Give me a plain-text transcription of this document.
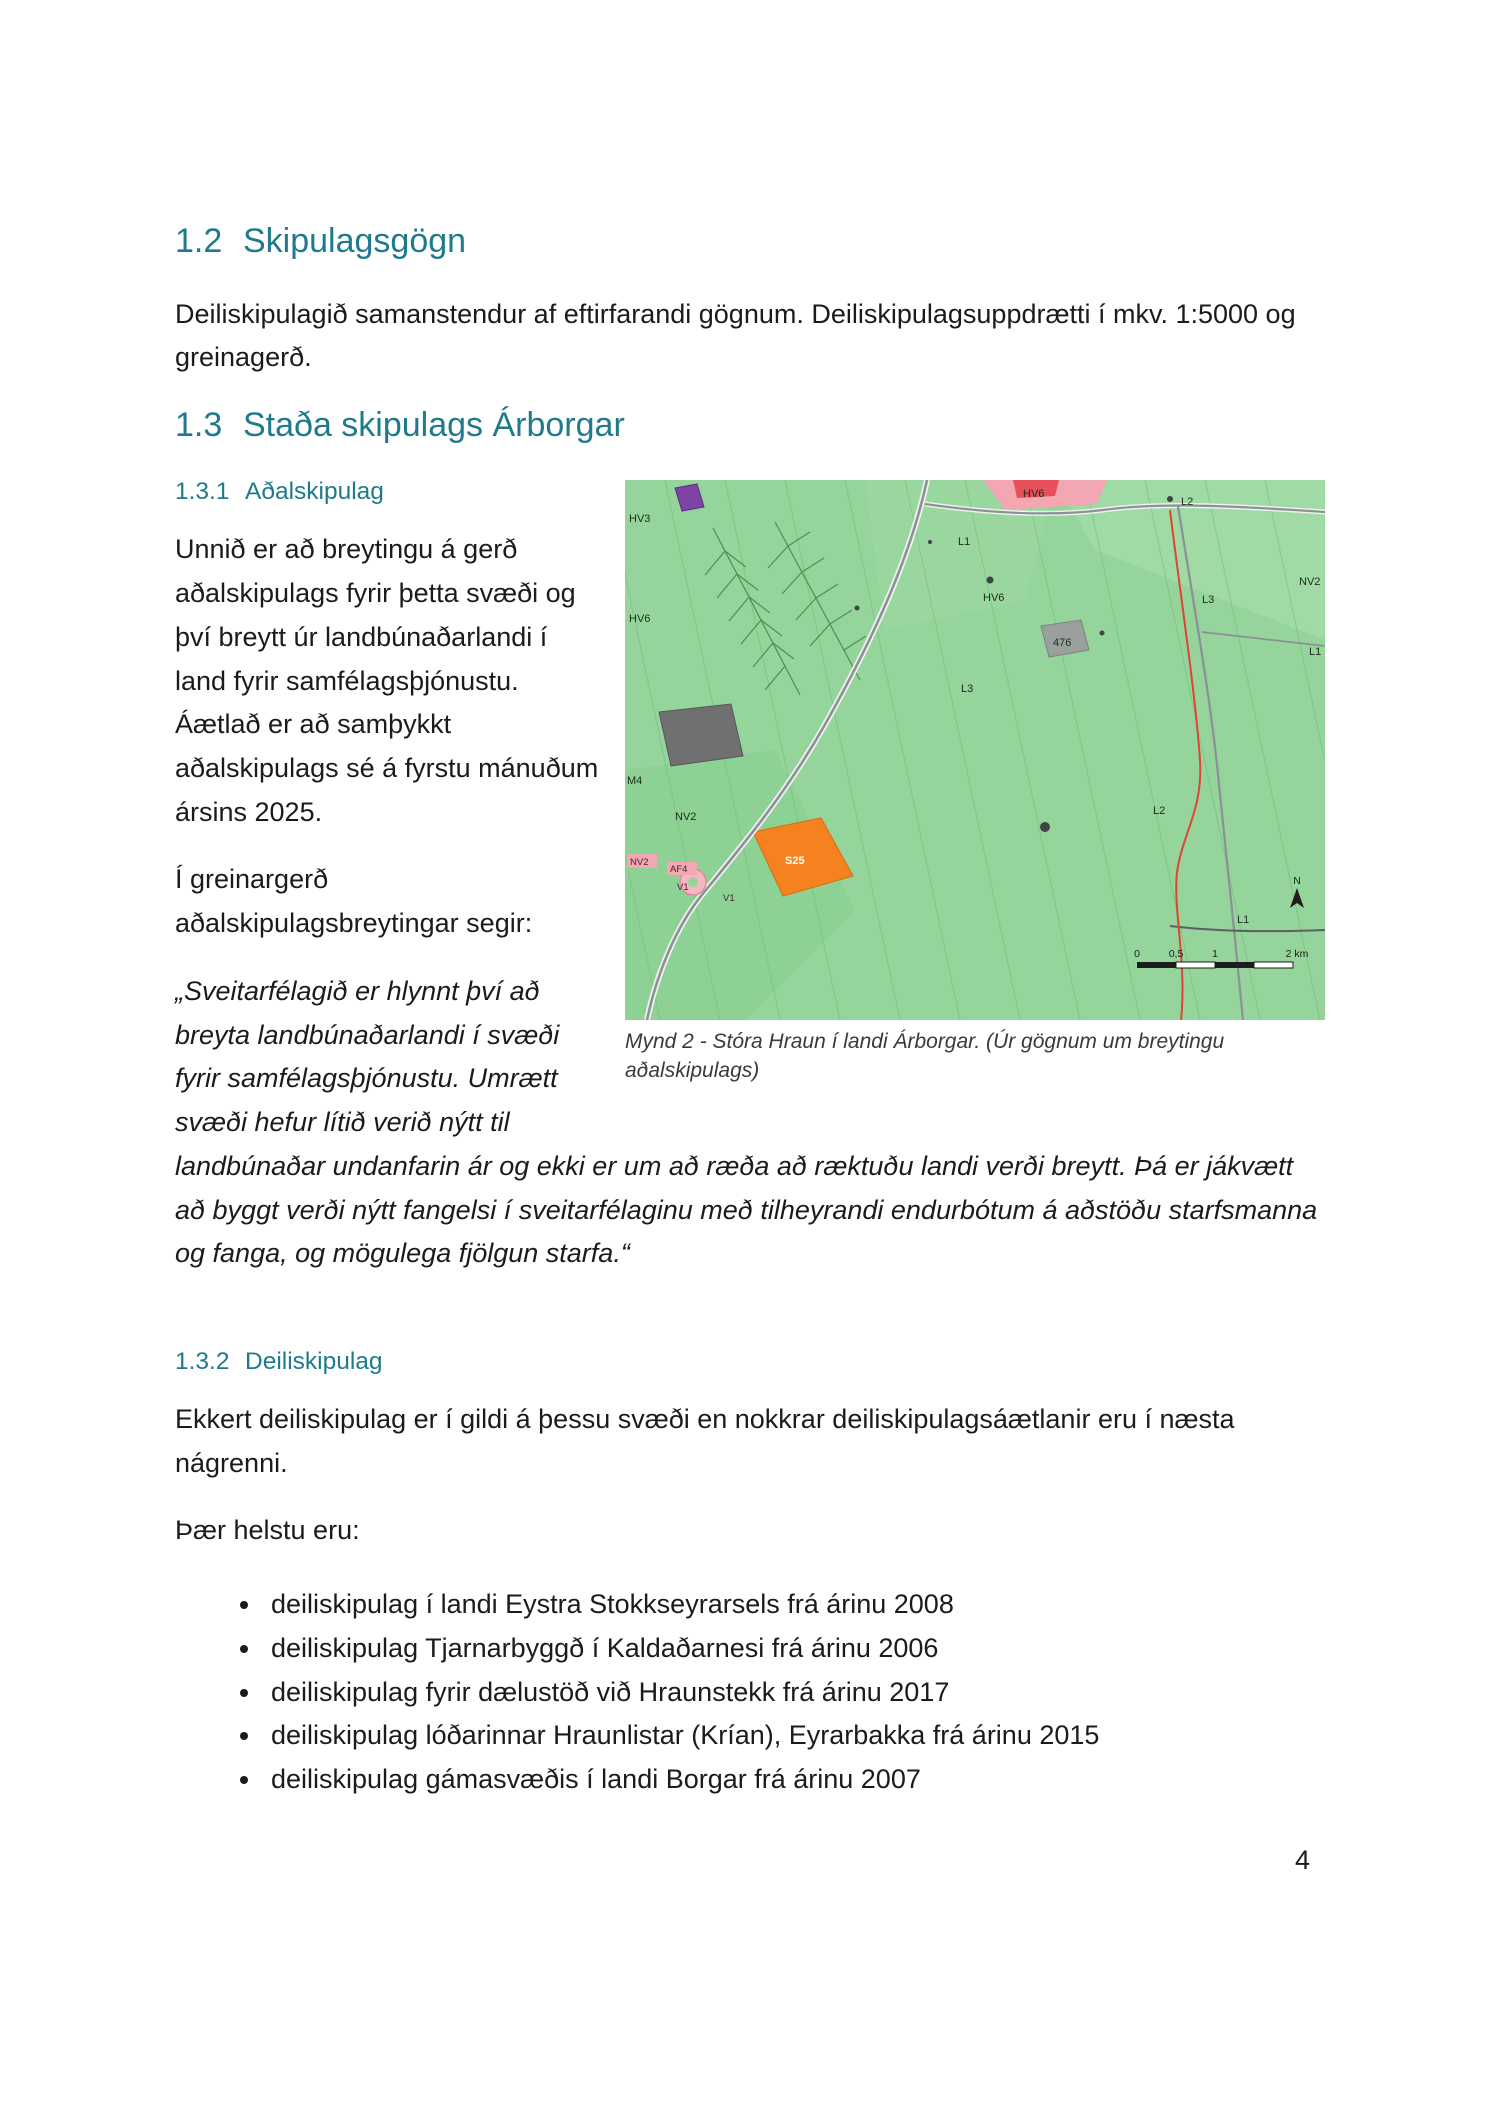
1.2 Skipulagsgögn

Deiliskipulagið samanstendur af eftirfarandi gögnum. Deiliskipulagsuppdrætti í mkv. 1:5000 og greinagerð.

1.3 Staða skipulags Árborgar
HV6
L2
L1
HV6	L3
476
L1
HV3
HV6
NV2
L3
M4
NV2	L2
S25
NV2
AF4
V1
V1
L1
N
0	0,5	1	2 km
Mynd 2 - Stóra Hraun í landi Árborgar. (Úr gögnum um breytingu aðalskipulags)
1.3.1 Aðalskipulag

Unnið er að breytingu á gerð aðalskipulags fyrir þetta svæði og því breytt úr landbúnaðarlandi í land fyrir samfélagsþjónustu. Áætlað er að samþykkt aðalskipulags sé á fyrstu mánuðum ársins 2025.

Í greinargerð aðalskipulagsbreytingar segir:

„Sveitarfélagið er hlynnt því að breyta landbúnaðarlandi í svæði fyrir samfélagsþjónustu. Umrætt svæði hefur lítið verið nýtt til landbúnaðar undanfarin ár og ekki er um að ræða að ræktuðu landi verði breytt. Þá er jákvætt að byggt verði nýtt fangelsi í sveitarfélaginu með tilheyrandi endurbótum á aðstöðu starfsmanna og fanga, og mögulega fjölgun starfa.“

1.3.2 Deiliskipulag

Ekkert deiliskipulag er í gildi á þessu svæði en nokkrar deiliskipulagsáætlanir eru í næsta nágrenni.

Þær helstu eru:

• deiliskipulag í landi Eystra Stokkseyrarsels frá árinu 2008
• deiliskipulag Tjarnarbyggð í Kaldaðarnesi frá árinu 2006
• deiliskipulag fyrir dælustöð við Hraunstekk frá árinu 2017
• deiliskipulag lóðarinnar Hraunlistar (Krían), Eyrarbakka frá árinu 2015
• deiliskipulag gámasvæðis í landi Borgar frá árinu 2007
4
